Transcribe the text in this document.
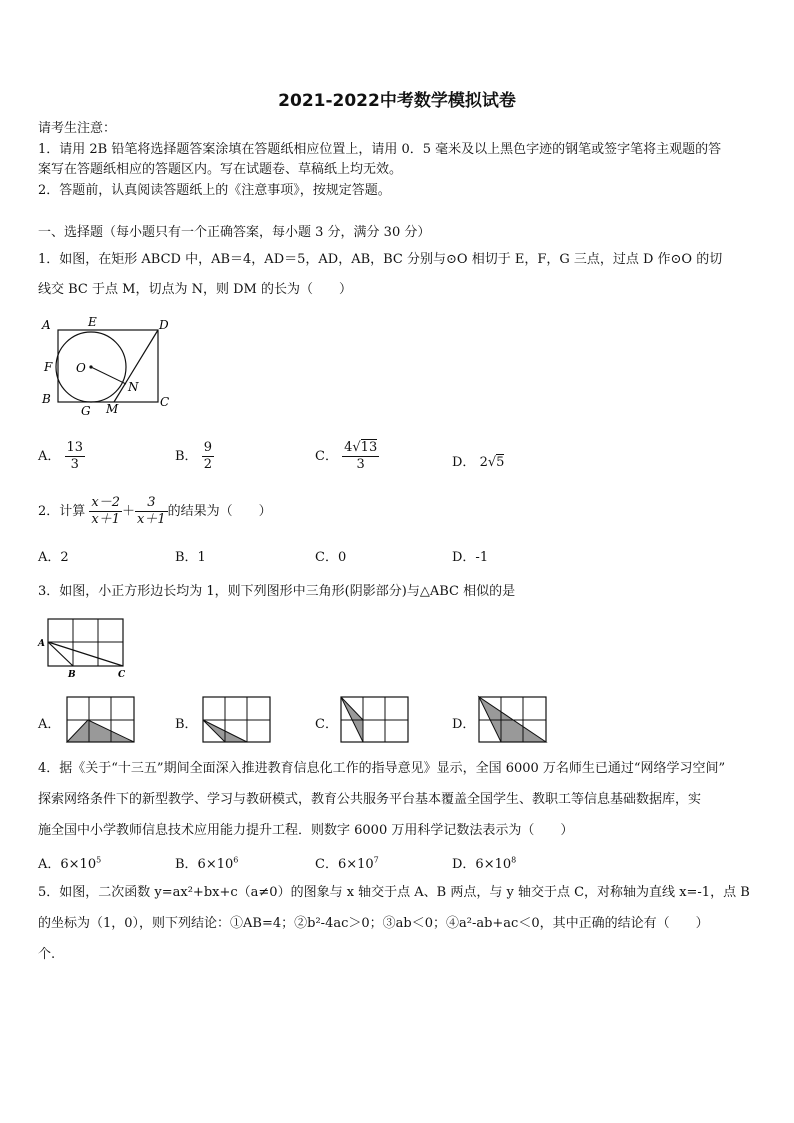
2021-2022中考数学模拟试卷
请考生注意：
1．请用 2B 铅笔将选择题答案涂填在答题纸相应位置上，请用 0．5 毫米及以上黑色字迹的钢笔或签字笔将主观题的答
案写在答题纸相应的答题区内。写在试题卷、草稿纸上均无效。
2．答题前，认真阅读答题纸上的《注意事项》，按规定答题。
一、选择题（每小题只有一个正确答案，每小题 3 分，满分 30 分）
1．如图，在矩形 ABCD 中，AB＝4，AD＝5，AD，AB，BC 分别与⊙O 相切于 E，F，G 三点，过点 D 作⊙O 的切
线交 BC 于点 M，切点为 N，则 DM 的长为（　　）
A	E	D
F O
N
B
G M	C
A． $\frac{13}{3}$	B． $\frac{9}{2}$	C． $\frac{4√13}{3}$	D． 2√5
2．计算 $\frac{x-2}{x+1} + \frac{3}{x+1}$ 的结果为（　　）
A．2	B．1	C．0	D．-1
3．如图，小正方形边长均为 1，则下列图形中三角形(阴影部分)与△ABC 相似的是
A
B	C
A．	B．	C．	D．
4．据《关于“十三五”期间全面深入推进教育信息化工作的指导意见》显示，全国 6000 万名师生已通过“网络学习空间”
探索网络条件下的新型教学、学习与教研模式，教育公共服务平台基本覆盖全国学生、教职工等信息基础数据库，实
施全国中小学教师信息技术应用能力提升工程．则数字 6000 万用科学记数法表示为（　　）
A．$6\times 10^5$	B．$6\times 10^6$	C．$6\times 10^7$	D．$6\times 10^8$
5．如图，二次函数 y=ax²+bx+c（a≠0）的图象与 x 轴交于点 A、B 两点，与 y 轴交于点 C，对称轴为直线 x=-1，点 B
的坐标为（1，0），则下列结论：①AB=4；②b²-4ac＞0；③ab＜0；④a²-ab+ac＜0，其中正确的结论有（　　）
个.
